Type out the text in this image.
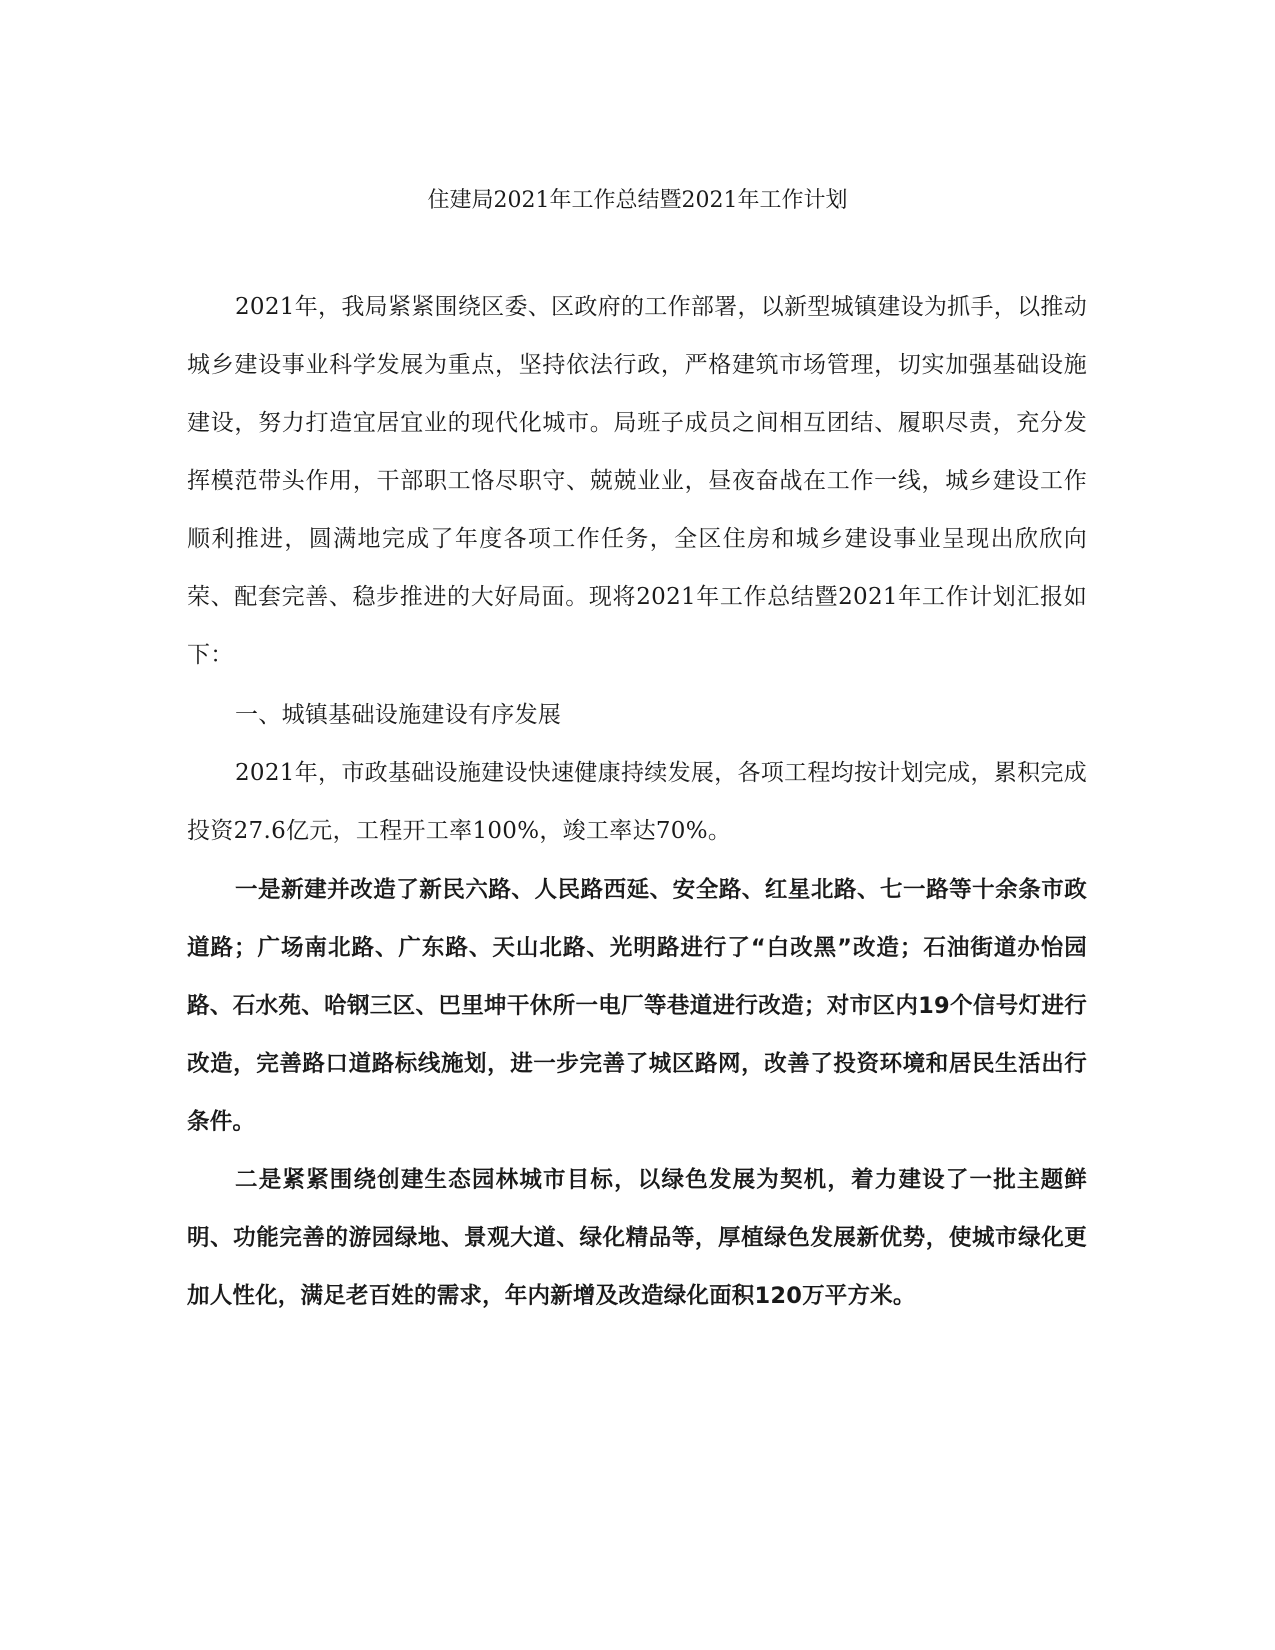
住建局2021年工作总结暨2021年工作计划

2021年，我局紧紧围绕区委、区政府的工作部署，以新型城镇建设为抓手，以推动城乡建设事业科学发展为重点，坚持依法行政，严格建筑市场管理，切实加强基础设施建设，努力打造宜居宜业的现代化城市。局班子成员之间相互团结、履职尽责，充分发挥模范带头作用，干部职工恪尽职守、兢兢业业，昼夜奋战在工作一线，城乡建设工作顺利推进，圆满地完成了年度各项工作任务，全区住房和城乡建设事业呈现出欣欣向荣、配套完善、稳步推进的大好局面。现将2021年工作总结暨2021年工作计划汇报如下：

一、城镇基础设施建设有序发展

2021年，市政基础设施建设快速健康持续发展，各项工程均按计划完成，累积完成投资27.6亿元，工程开工率100%，竣工率达70%。

一是新建并改造了新民六路、人民路西延、安全路、红星北路、七一路等十余条市政道路；广场南北路、广东路、天山北路、光明路进行了“白改黑”改造；石油街道办怡园路、石水苑、哈钢三区、巴里坤干休所一电厂等巷道进行改造；对市区内19个信号灯进行改造，完善路口道路标线施划，进一步完善了城区路网，改善了投资环境和居民生活出行条件。

二是紧紧围绕创建生态园林城市目标，以绿色发展为契机，着力建设了一批主题鲜明、功能完善的游园绿地、景观大道、绿化精品等，厚植绿色发展新优势，使城市绿化更加人性化，满足老百姓的需求，年内新增及改造绿化面积120万平方米。
